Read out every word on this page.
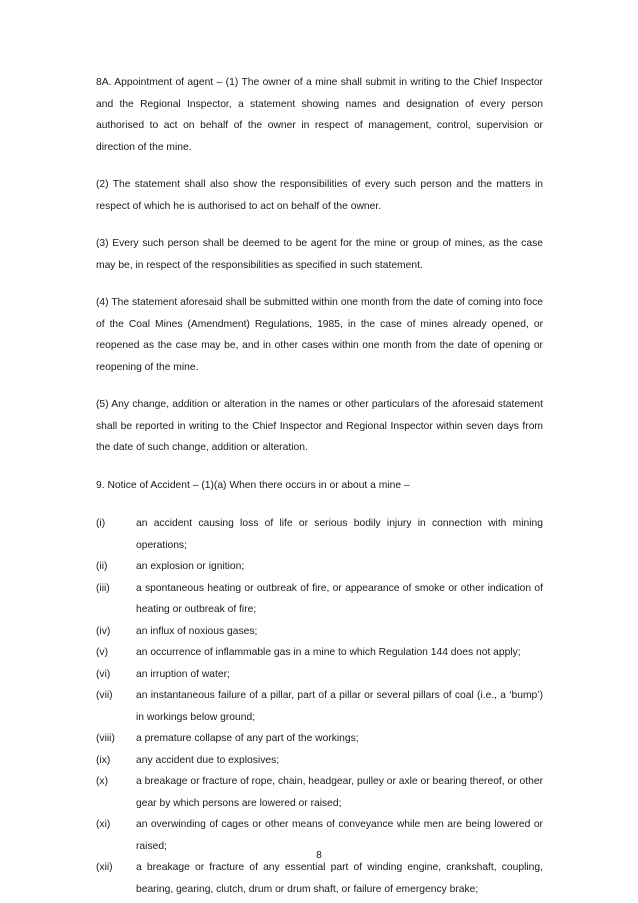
8A. Appointment of agent – (1) The owner of a mine shall submit in writing to the Chief Inspector and the Regional Inspector, a statement showing names and designation of every person authorised to act on behalf of the owner in respect of management, control, supervision or direction of the mine.

(2) The statement shall also show the responsibilities of every such person and the matters in respect of which he is authorised to act on behalf of the owner.

(3) Every such person shall be deemed to be agent for the mine or group of mines, as the case may be, in respect of the responsibilities as specified in such statement.

(4) The statement aforesaid shall be submitted within one month from the date of coming into foce of the Coal Mines (Amendment) Regulations, 1985, in the case of mines already opened, or reopened as the case may be, and in other cases within one month from the date of opening or reopening of the mine.

(5) Any change, addition or alteration in the names or other particulars of the aforesaid statement shall be reported in writing to the Chief Inspector and Regional Inspector within seven days from the date of such change, addition or alteration.

9. Notice of Accident – (1)(a) When there occurs in or about a mine –

(i)	an accident causing loss of life or serious bodily injury in connection with mining operations;
(ii)	an explosion or ignition;
(iii)	a spontaneous heating or outbreak of fire, or appearance of smoke or other indication of heating or outbreak of fire;
(iv)	an influx of noxious gases;
(v)	an occurrence of inflammable gas in a mine to which Regulation 144 does not apply;
(vi)	an irruption of water;
(vii)	an instantaneous failure of a pillar, part of a pillar or several pillars of coal (i.e., a ‘bump’) in workings below ground;
(viii)	a premature collapse of any part of the workings;
(ix)	any accident due to explosives;
(x)	a breakage or fracture of rope, chain, headgear, pulley or axle or bearing thereof, or other gear by which persons are lowered or raised;
(xi)	an overwinding of cages or other means of conveyance while men are being lowered or raised;
(xii)	a breakage or fracture of any essential part of winding engine, crankshaft, coupling, bearing, gearing, clutch, drum or drum shaft, or failure of emergency brake;
8
